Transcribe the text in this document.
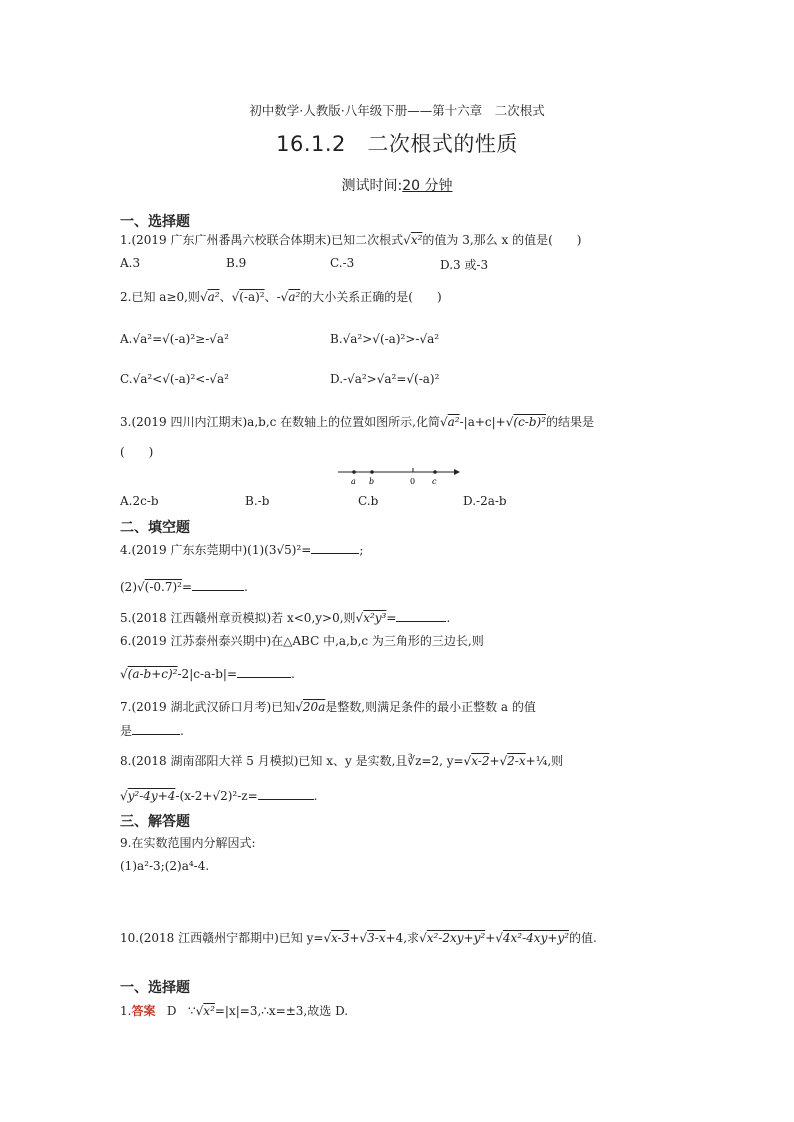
初中数学·人教版·八年级下册——第十六章　二次根式
16.1.2　二次根式的性质
测试时间:20 分钟
一、选择题
1.(2019 广东广州番禺六校联合体期末)已知二次根式√x²的值为 3,那么 x 的值是(　　)
A.3	B.9	C.-3	D.3 或-3
2.已知 a≥0,则√a²、√(-a)²、-√a²的大小关系正确的是(　　)
A.√a²=√(-a)²≥-√a²	B.√a²>√(-a)²>-√a²
C.√a²<√(-a)²<-√a²	D.-√a²>√a²=√(-a)²
3.(2019 四川内江期末)a,b,c 在数轴上的位置如图所示,化简√a²-|a+c|+√(c-b)²的结果是
(　　)
a b	0 c
A.2c-b	B.-b	C.b	D.-2a-b
二、填空题
4.(2019 广东东莞期中)(1)(3√5)²=	;
(2)√(-0.7)²=	.
5.(2018 江西赣州章贡模拟)若 x<0,y>0,则√x²y³=	.
6.(2019 江苏泰州泰兴期中)在△ABC 中,a,b,c 为三角形的三边长,则
√(a-b+c)²-2|c-a-b|=	.
7.(2019 湖北武汉硚口月考)已知√20a是整数,则满足条件的最小正整数 a 的值
是	.
8.(2018 湖南邵阳大祥 5 月模拟)已知 x、y 是实数,且∛z=2, y=√x-2+√2-x+¼,则
√y²-4y+4-(x-2+√2)²-z=	.
三、解答题
9.在实数范围内分解因式:
(1)a²-3;(2)a⁴-4.
10.(2018 江西赣州宁都期中)已知 y=√x-3+√3-x+4,求√x²-2xy+y²+√4x²-4xy+y²的值.
一、选择题
1.答案 D ∵√x²=|x|=3,∴x=±3,故选 D.
